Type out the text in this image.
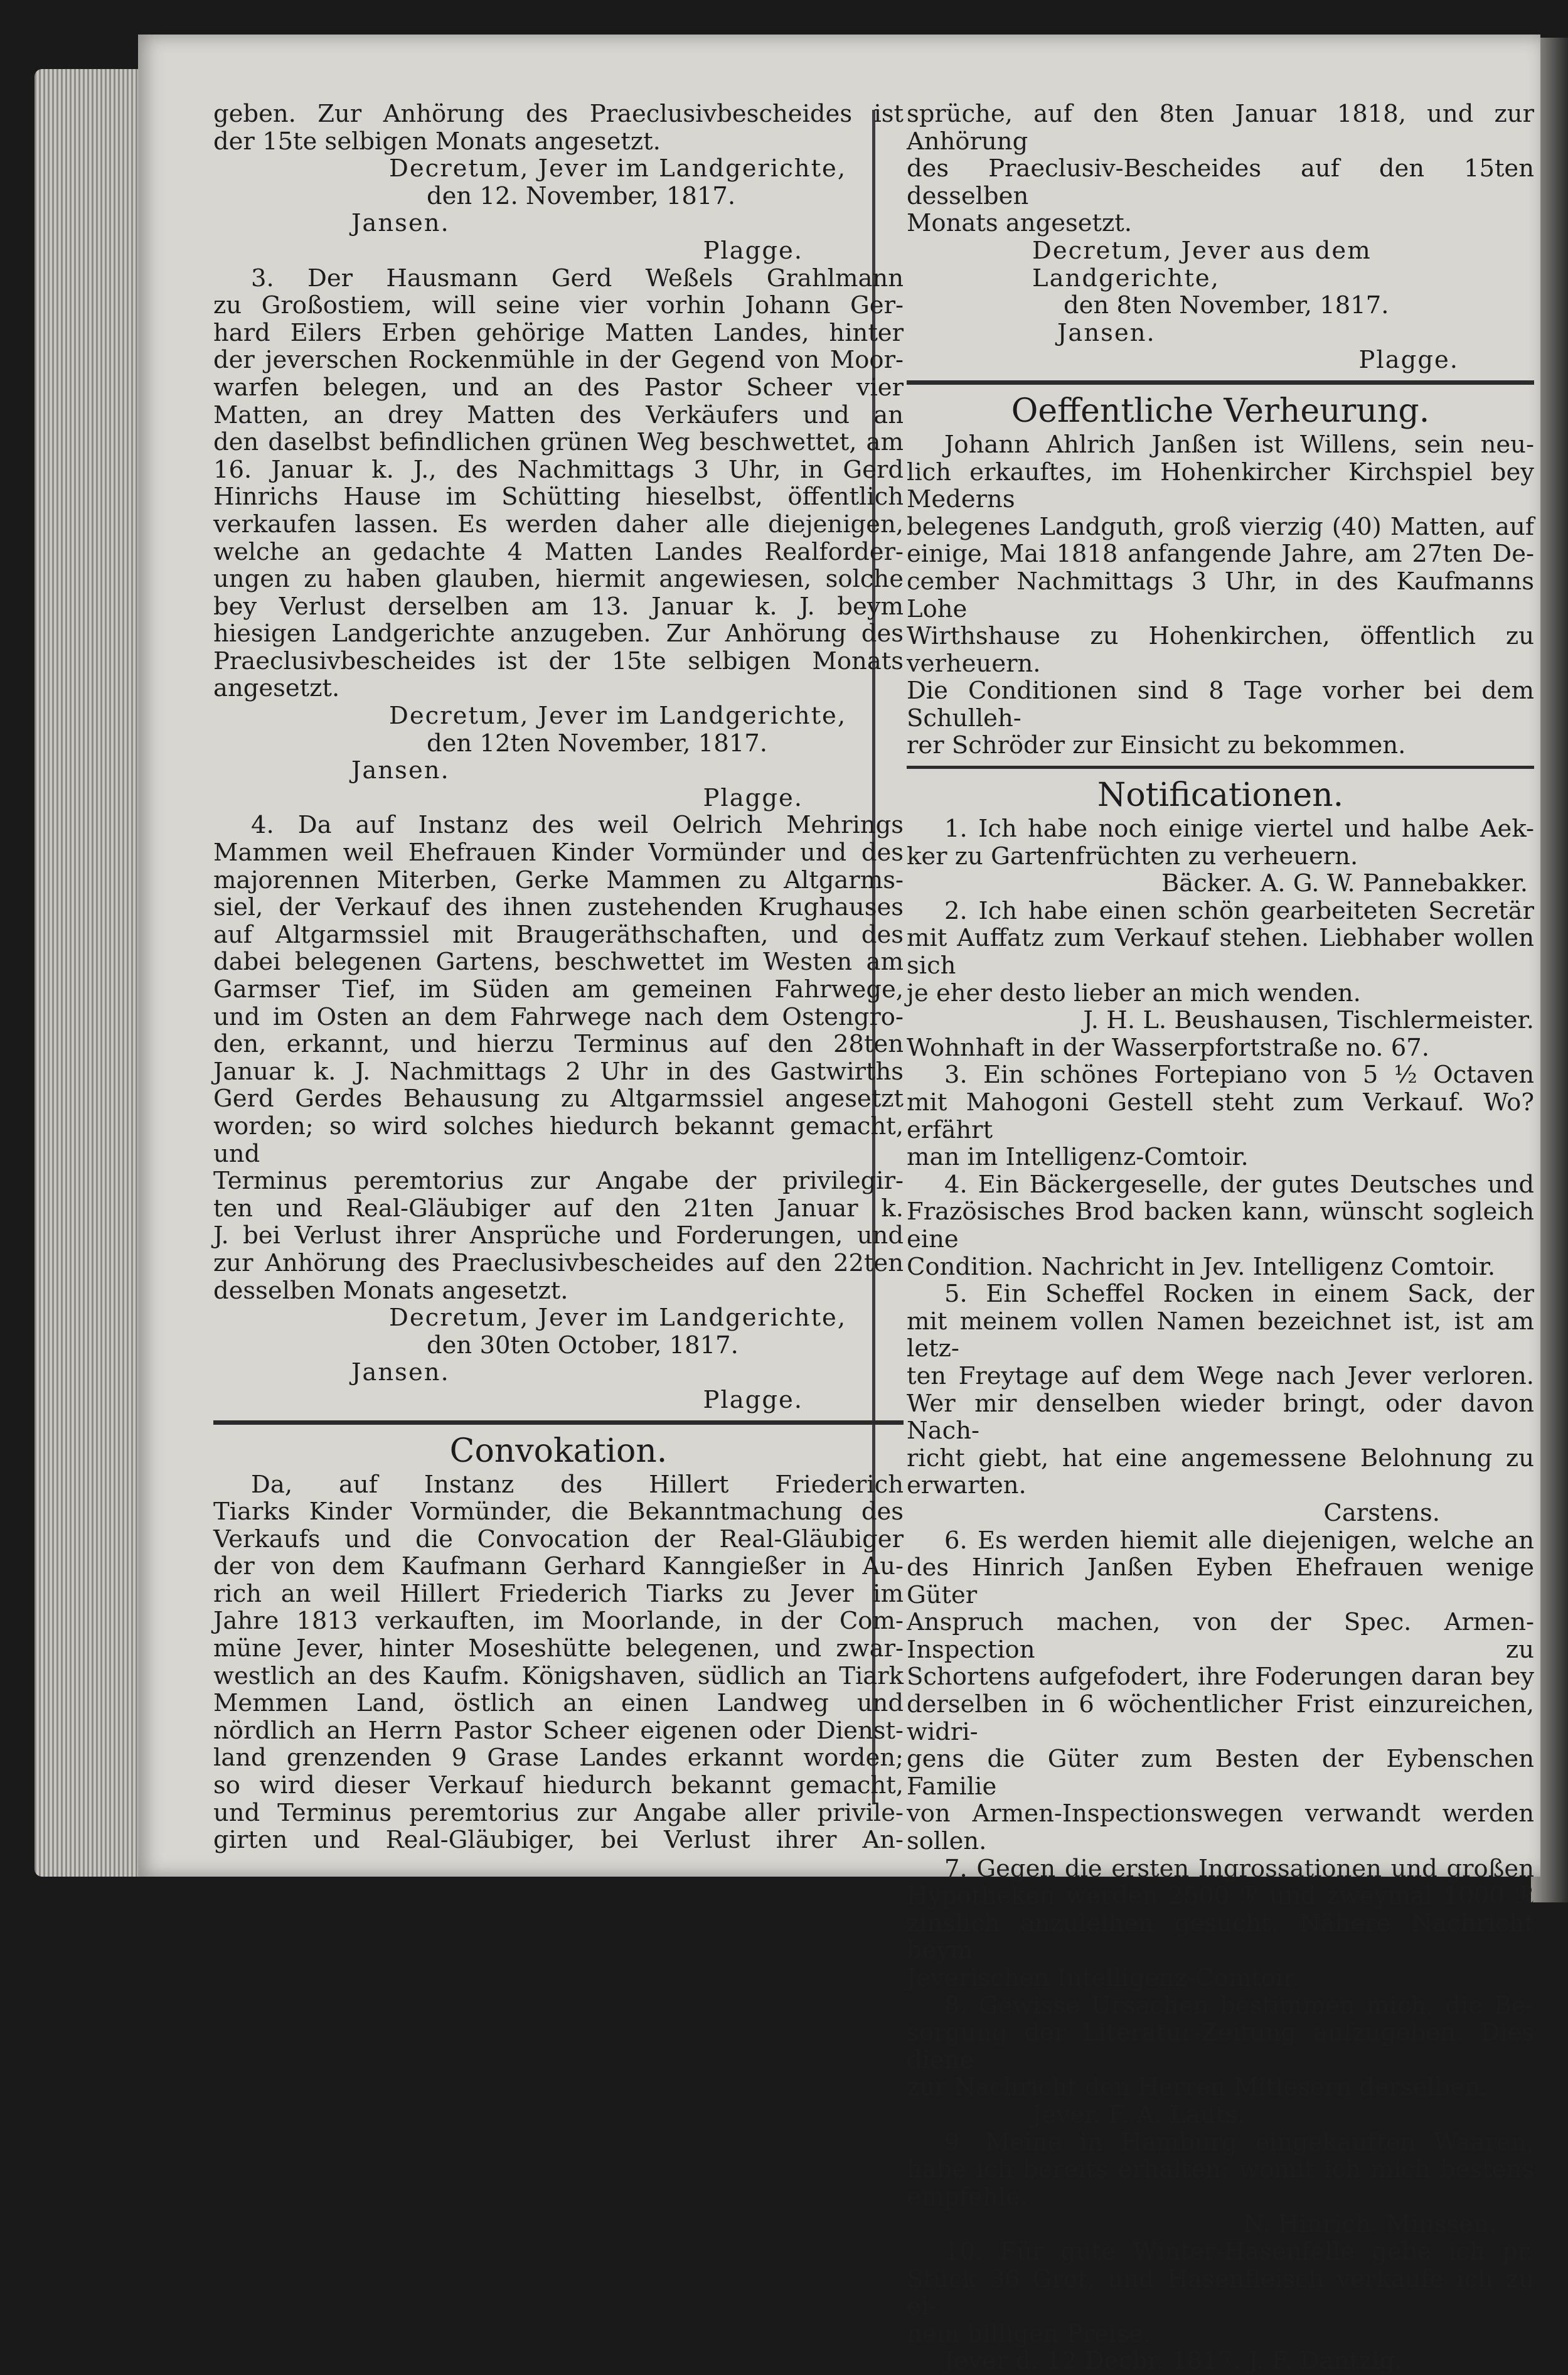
geben. Zur Anhörung des Praeclusivbescheides ist

der 15te selbigen Monats angesetzt.

Decretum, Jever im Landgerichte,

den 12. November, 1817.

Jansen.

Plagge.

3. Der Hausmann Gerd Weßels Grahlmann

zu Großostiem, will seine vier vorhin Johann Ger-

hard Eilers Erben gehörige Matten Landes, hinter

der jeverschen Rockenmühle in der Gegend von Moor-

warfen belegen, und an des Pastor Scheer vier

Matten, an drey Matten des Verkäufers und an

den daselbst befindlichen grünen Weg beschwettet, am

16. Januar k. J., des Nachmittags 3 Uhr, in Gerd

Hinrichs Hause im Schütting hieselbst, öffentlich

verkaufen lassen. Es werden daher alle diejenigen,

welche an gedachte 4 Matten Landes Realforder-

ungen zu haben glauben, hiermit angewiesen, solche

bey Verlust derselben am 13. Januar k. J. beym

hiesigen Landgerichte anzugeben. Zur Anhörung des

Praeclusivbescheides ist der 15te selbigen Monats

angesetzt.

Decretum, Jever im Landgerichte,

den 12ten November, 1817.

Jansen.

Plagge.

4. Da auf Instanz des weil Oelrich Mehrings

Mammen weil Ehefrauen Kinder Vormünder und des

majorennen Miterben, Gerke Mammen zu Altgarms-

siel, der Verkauf des ihnen zustehenden Krughauses

auf Altgarmssiel mit Braugeräthschaften, und des

dabei belegenen Gartens, beschwettet im Westen am

Garmser Tief, im Süden am gemeinen Fahrwege,

und im Osten an dem Fahrwege nach dem Ostengro-

den, erkannt, und hierzu Terminus auf den 28ten

Januar k. J. Nachmittags 2 Uhr in des Gastwirths

Gerd Gerdes Behausung zu Altgarmssiel angesetzt

worden; so wird solches hiedurch bekannt gemacht, und

Terminus peremtorius zur Angabe der privilegir-

ten und Real-Gläubiger auf den 21ten Januar k.

J. bei Verlust ihrer Ansprüche und Forderungen, und

zur Anhörung des Praeclusivbescheides auf den 22ten

desselben Monats angesetzt.

Decretum, Jever im Landgerichte,

den 30ten October, 1817.

Jansen.

Plagge.

Convokation.

Da, auf Instanz des Hillert Friederich

Tiarks Kinder Vormünder, die Bekanntmachung des

Verkaufs und die Convocation der Real-Gläubiger

der von dem Kaufmann Gerhard Kanngießer in Au-

rich an weil Hillert Friederich Tiarks zu Jever im

Jahre 1813 verkauften, im Moorlande, in der Com-

müne Jever, hinter Moseshütte belegenen, und zwar-

westlich an des Kaufm. Königshaven, südlich an Tiark

Memmen Land, östlich an einen Landweg und

nördlich an Herrn Pastor Scheer eigenen oder Dienst-

land grenzenden 9 Grase Landes erkannt worden;

so wird dieser Verkauf hiedurch bekannt gemacht,

und Terminus peremtorius zur Angabe aller privile-

girten und Real-Gläubiger, bei Verlust ihrer An-

sprüche, auf den 8ten Januar 1818, und zur Anhörung

des Praeclusiv-Bescheides auf den 15ten desselben

Monats angesetzt.

Decretum, Jever aus dem Landgerichte,

den 8ten November, 1817.

Jansen.

Plagge.

Oeffentliche Verheurung.

Johann Ahlrich Janßen ist Willens, sein neu-

lich erkauftes, im Hohenkircher Kirchspiel bey Mederns

belegenes Landguth, groß vierzig (40) Matten, auf

einige, Mai 1818 anfangende Jahre, am 27ten De-

cember Nachmittags 3 Uhr, in des Kaufmanns Lohe

Wirthshause zu Hohenkirchen, öffentlich zu verheuern.

Die Conditionen sind 8 Tage vorher bei dem Schulleh-

rer Schröder zur Einsicht zu bekommen.

Notificationen.

1. Ich habe noch einige viertel und halbe Aek-

ker zu Gartenfrüchten zu verheuern.

Bäcker. A. G. W. Pannebakker.

2. Ich habe einen schön gearbeiteten Secretär

mit Auffatz zum Verkauf stehen. Liebhaber wollen sich

je eher desto lieber an mich wenden.

J. H. L. Beushausen, Tischlermeister.

Wohnhaft in der Wasserpfortstraße no. 67.

3. Ein schönes Fortepiano von 5 ½ Octaven

mit Mahogoni Gestell steht zum Verkauf. Wo? erfährt

man im Intelligenz-Comtoir.

4. Ein Bäckergeselle, der gutes Deutsches und

Frazösisches Brod backen kann, wünscht sogleich eine

Condition. Nachricht in Jev. Intelligenz Comtoir.

5. Ein Scheffel Rocken in einem Sack, der

mit meinem vollen Namen bezeichnet ist, ist am letz-

ten Freytage auf dem Wege nach Jever verloren.

Wer mir denselben wieder bringt, oder davon Nach-

richt giebt, hat eine angemessene Belohnung zu erwarten.

Carstens.

6. Es werden hiemit alle diejenigen, welche an

des Hinrich Janßen Eyben Ehefrauen wenige Güter

Anspruch machen, von der Spec. Armen-Inspection zu

Schortens aufgefodert, ihre Foderungen daran bey

derselben in 6 wöchentlicher Frist einzureichen, widri-

gens die Güter zum Besten der Eybenschen Familie

von Armen-Inspectionswegen verwandt werden sollen.

7. Gegen die ersten Ingrossationen und großen

Hypotheken werden 2500 ℛ und zweymal 1000 ℛ

zinslich anzuleihen gesucht. Nähere Nachricht beym

Jeverischen Intelligenz-Comtoir.

8. Gewisse Ursachen bestimmen mich, die Be-

sorgung der Literatur-Zeitung aufzugeben. Dies diene

zur Nachricht den Herren Mitlesern derselben.

Jever. F. A. Lauts.

9. Meine in Hamburg eingekauften Waaren,

habe ich bereits erhalten; womit ich mich bestens

empfehle.

N. Hinrich. Minssen.

10. Für gute Winter-Hasenfelle gebe ich pr.

Stück 36 Grot, und Hasenfleisch verkaufe ich zu ei-

nem billigen Preise.

Jever d. 12 Decbr. 1817. J. F. Dantzig.
